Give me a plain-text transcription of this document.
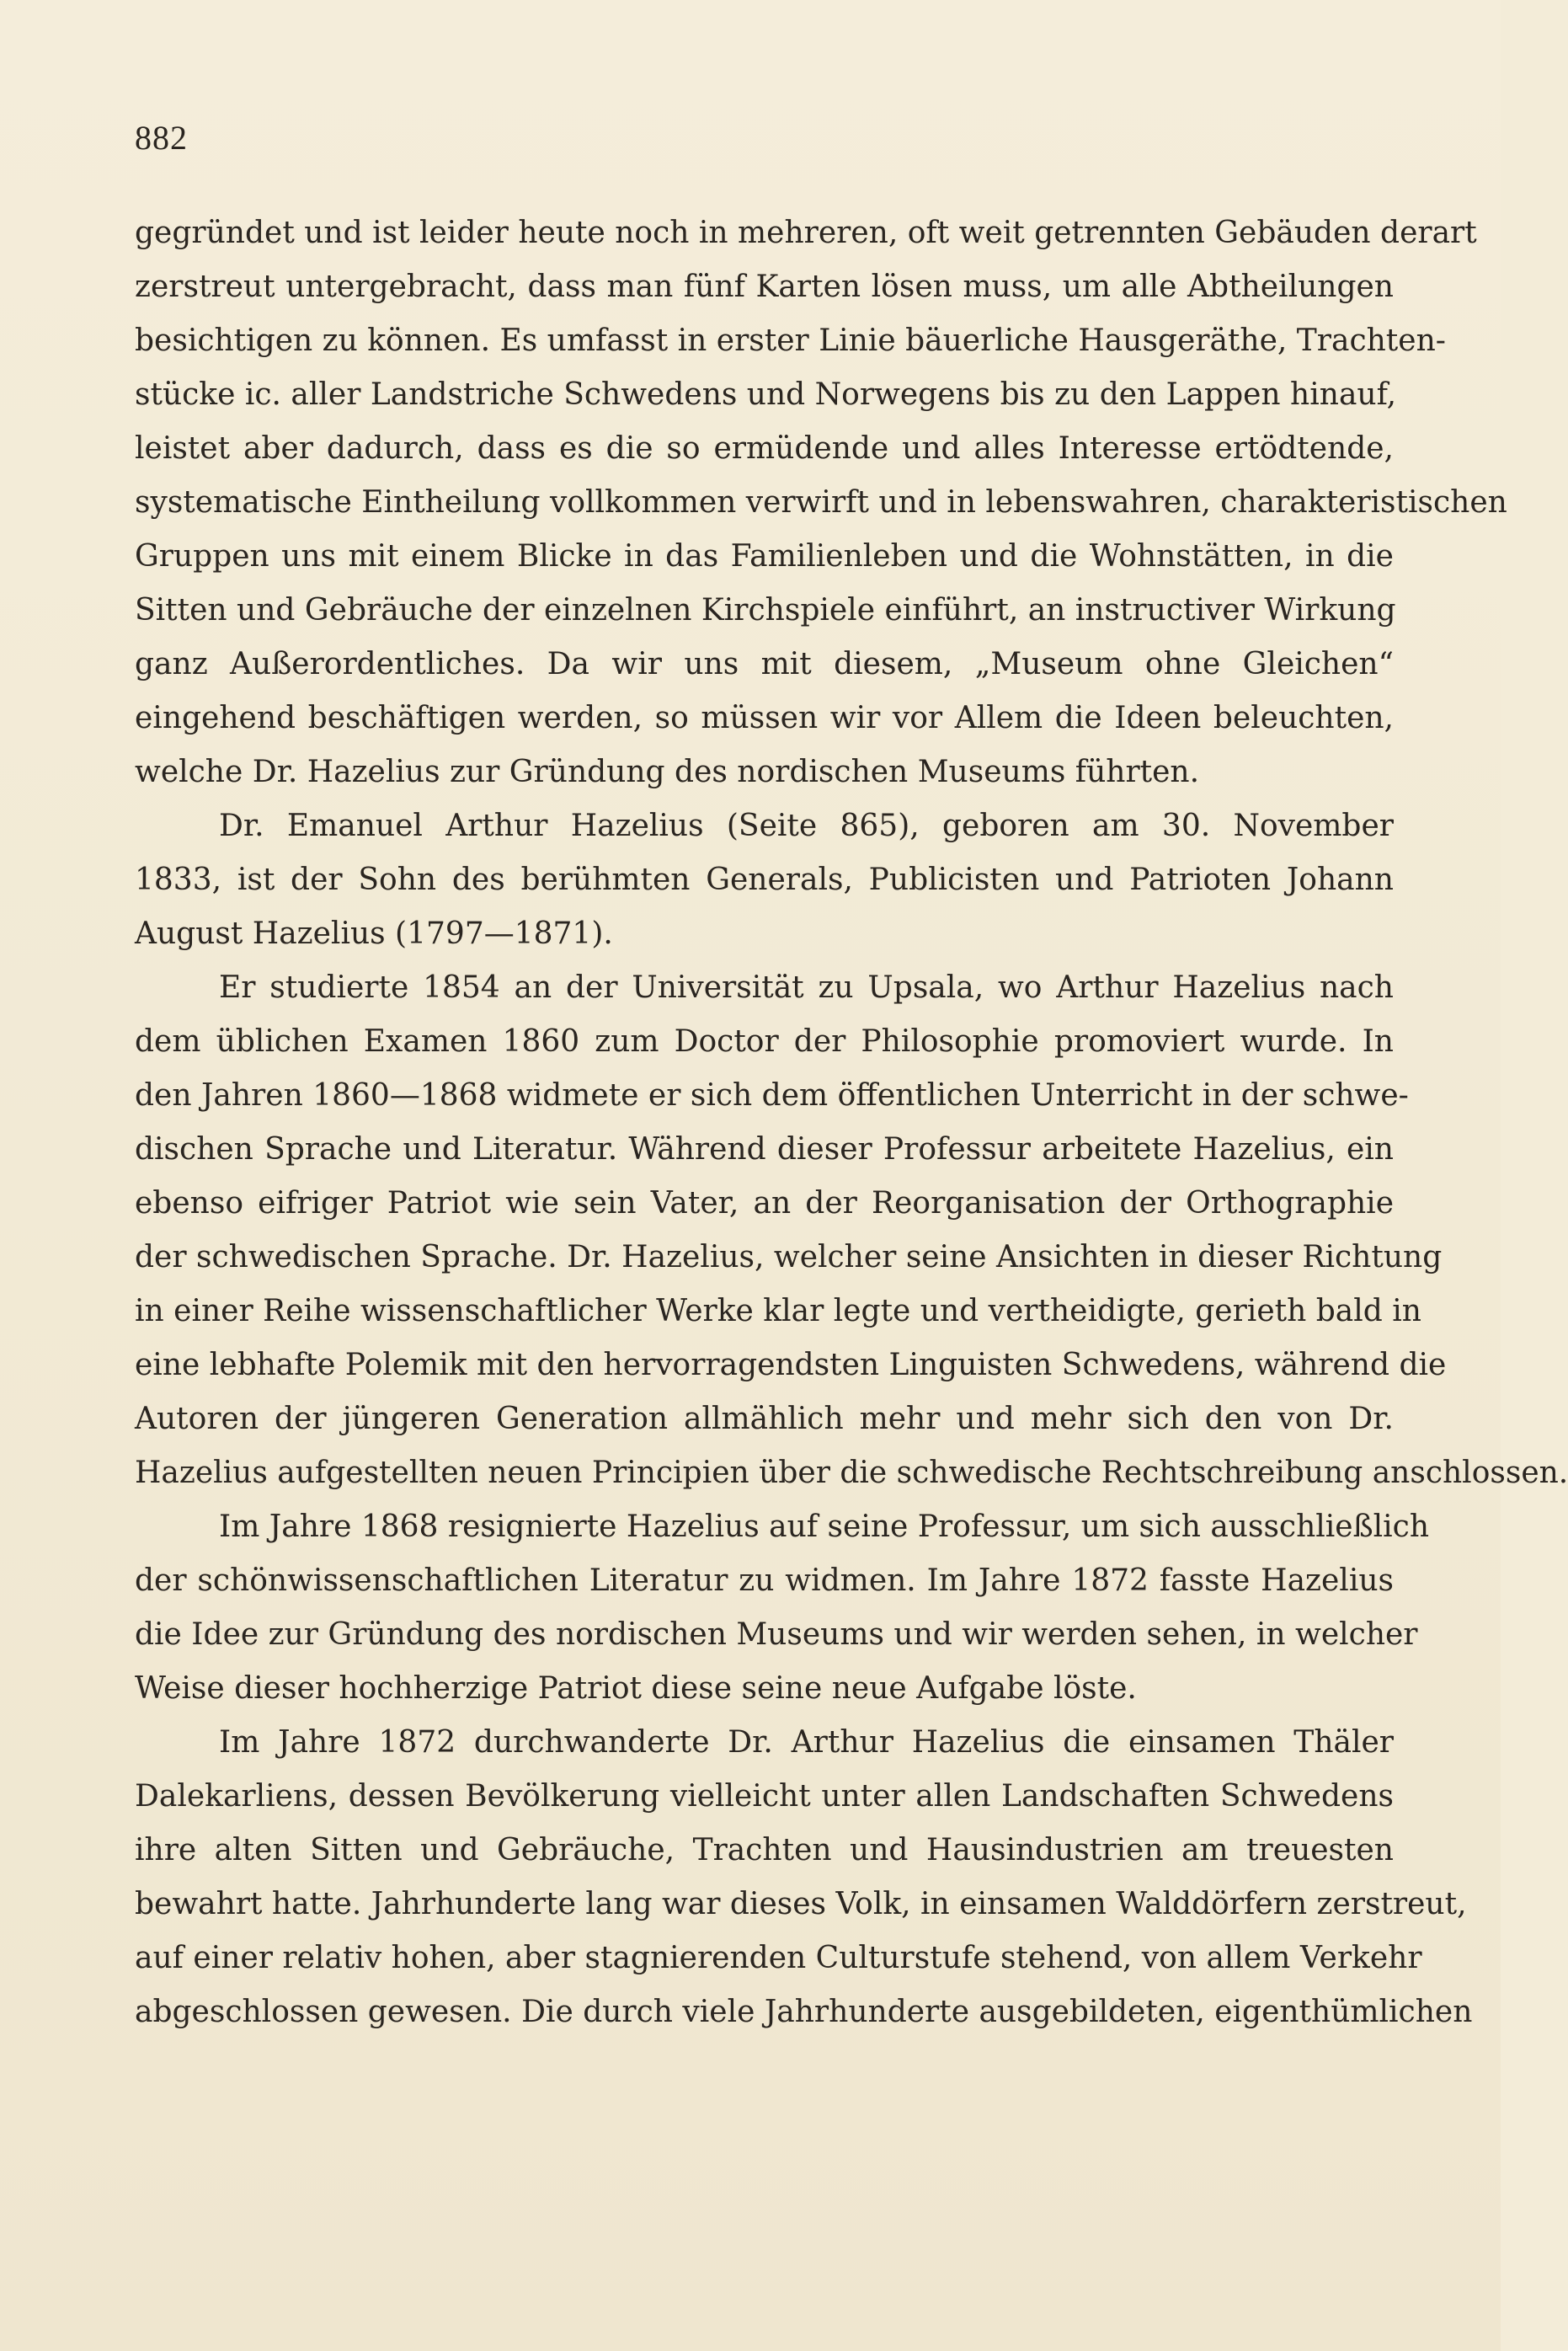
882
gegründet und ist leider heute noch in mehreren, oft weit getrennten Gebäuden derart
zerstreut untergebracht, dass man fünf Karten lösen muss, um alle Abtheilungen
besichtigen zu können. Es umfasst in erster Linie bäuerliche Hausgeräthe, Trachten-
stücke ic. aller Landstriche Schwedens und Norwegens bis zu den Lappen hinauf,
leistet aber dadurch, dass es die so ermüdende und alles Interesse ertödtende,
systematische Eintheilung vollkommen verwirft und in lebenswahren, charakteristischen
Gruppen uns mit einem Blicke in das Familienleben und die Wohnstätten, in die
Sitten und Gebräuche der einzelnen Kirchspiele einführt, an instructiver Wirkung
ganz Außerordentliches. Da wir uns mit diesem, „Museum ohne Gleichen“
eingehend beschäftigen werden, so müssen wir vor Allem die Ideen beleuchten,
welche Dr. Hazelius zur Gründung des nordischen Museums führten.
Dr. Emanuel Arthur Hazelius (Seite 865), geboren am 30. November
1833, ist der Sohn des berühmten Generals, Publicisten und Patrioten Johann
August Hazelius (1797—1871).
Er studierte 1854 an der Universität zu Upsala, wo Arthur Hazelius nach
dem üblichen Examen 1860 zum Doctor der Philosophie promoviert wurde. In
den Jahren 1860—1868 widmete er sich dem öffentlichen Unterricht in der schwe-
dischen Sprache und Literatur. Während dieser Professur arbeitete Hazelius, ein
ebenso eifriger Patriot wie sein Vater, an der Reorganisation der Orthographie
der schwedischen Sprache. Dr. Hazelius, welcher seine Ansichten in dieser Richtung
in einer Reihe wissenschaftlicher Werke klar legte und vertheidigte, gerieth bald in
eine lebhafte Polemik mit den hervorragendsten Linguisten Schwedens, während die
Autoren der jüngeren Generation allmählich mehr und mehr sich den von Dr.
Hazelius aufgestellten neuen Principien über die schwedische Rechtschreibung anschlossen.
Im Jahre 1868 resignierte Hazelius auf seine Professur, um sich ausschließlich
der schönwissenschaftlichen Literatur zu widmen. Im Jahre 1872 fasste Hazelius
die Idee zur Gründung des nordischen Museums und wir werden sehen, in welcher
Weise dieser hochherzige Patriot diese seine neue Aufgabe löste.
Im Jahre 1872 durchwanderte Dr. Arthur Hazelius die einsamen Thäler
Dalekarliens, dessen Bevölkerung vielleicht unter allen Landschaften Schwedens
ihre alten Sitten und Gebräuche, Trachten und Hausindustrien am treuesten
bewahrt hatte. Jahrhunderte lang war dieses Volk, in einsamen Walddörfern zerstreut,
auf einer relativ hohen, aber stagnierenden Culturstufe stehend, von allem Verkehr
abgeschlossen gewesen. Die durch viele Jahrhunderte ausgebildeten, eigenthümlichen
